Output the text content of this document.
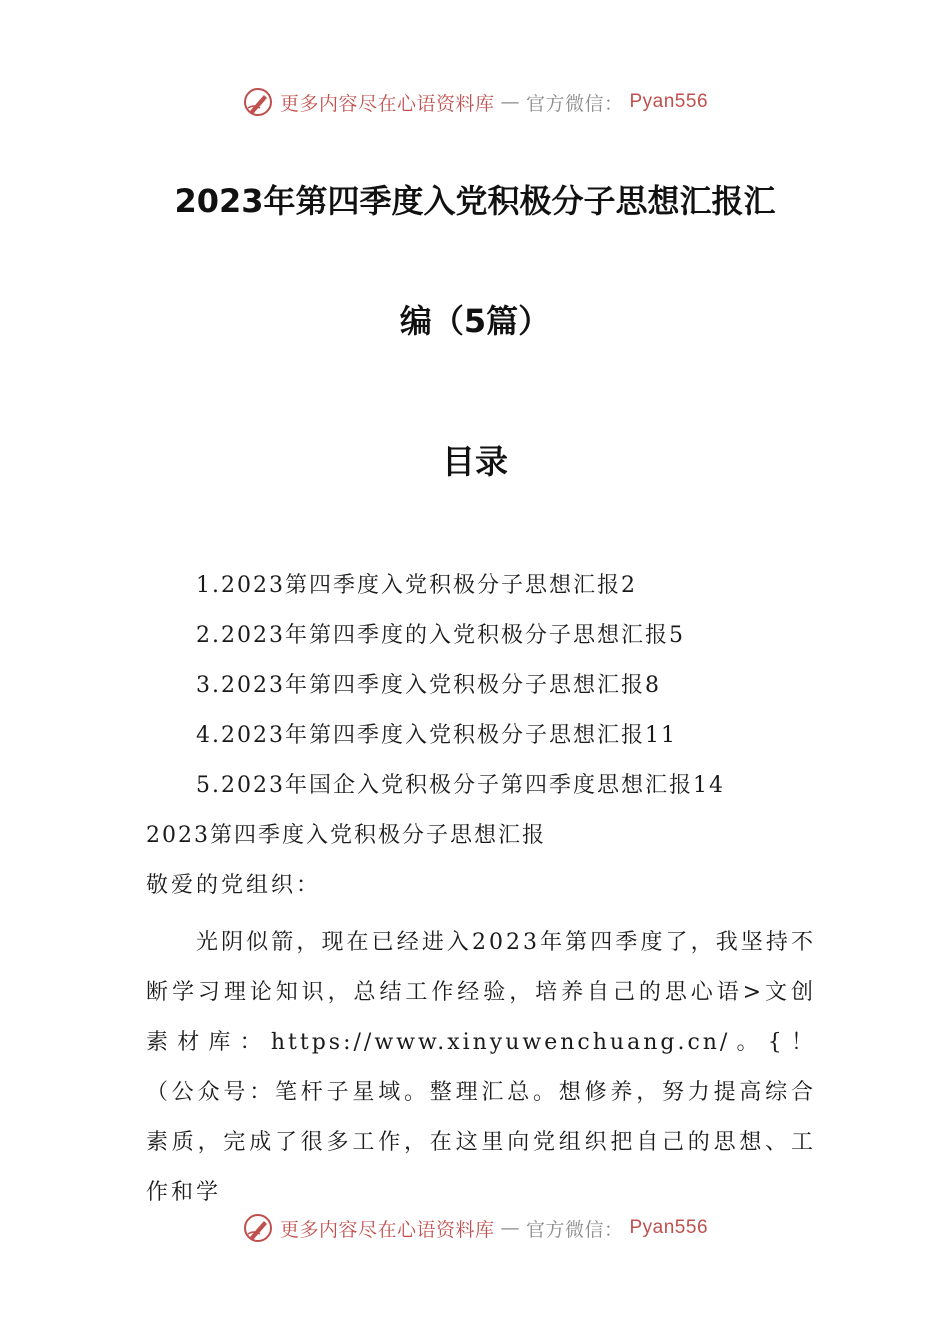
更多内容尽在心语资料库 — 官方微信： Pyan556
2023年第四季度入党积极分子思想汇报汇
编（5篇）
目录
1.2023第四季度入党积极分子思想汇报2
2.2023年第四季度的入党积极分子思想汇报5
3.2023年第四季度入党积极分子思想汇报8
4.2023年第四季度入党积极分子思想汇报11
5.2023年国企入党积极分子第四季度思想汇报14
2023第四季度入党积极分子思想汇报
敬爱的党组织：
光阴似箭，现在已经进入2023年第四季度了，我坚持不断学习理论知识，总结工作经验，培养自己的思心语>文创素材库：https://www.xinyuwenchuang.cn/。{！（公众号：笔杆子星域。整理汇总。想修养，努力提高综合素质，完成了很多工作，在这里向党组织把自己的思想、工作和学
更多内容尽在心语资料库 — 官方微信： Pyan556
